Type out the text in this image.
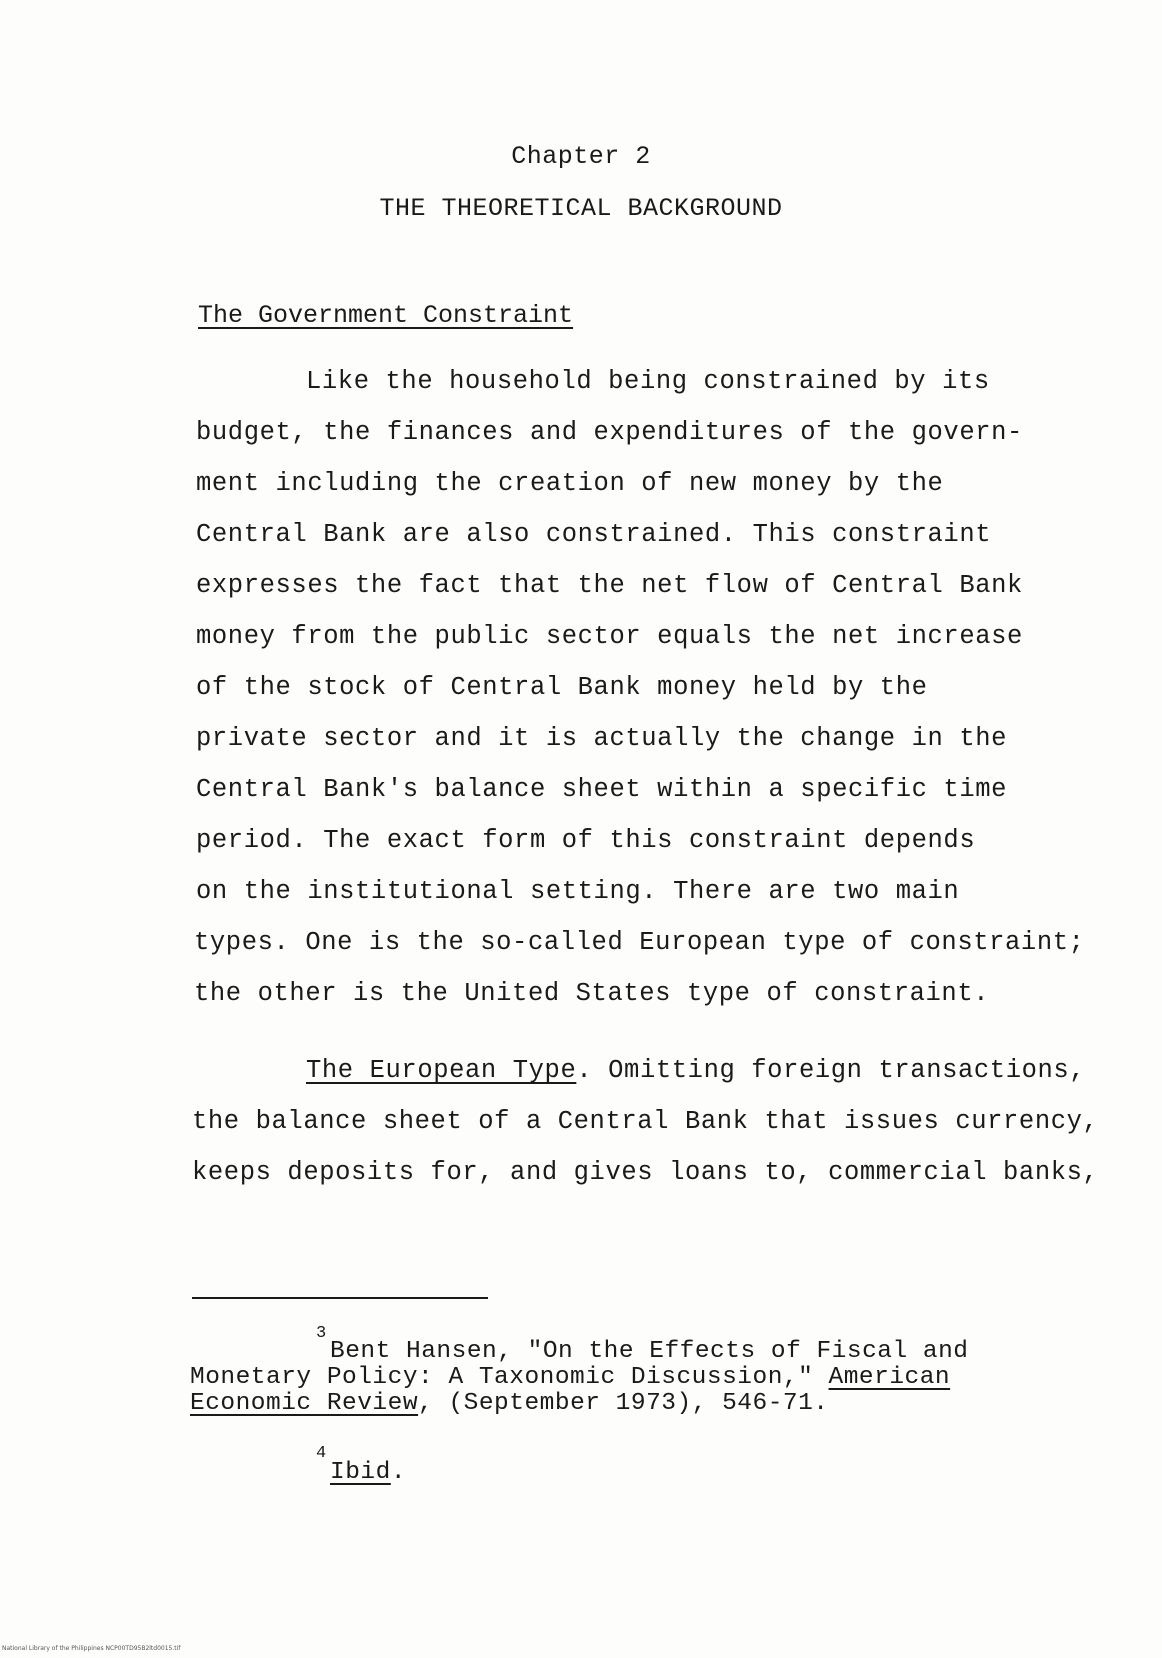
Chapter 2
THE THEORETICAL BACKGROUND
The Government Constraint
Like the household being constrained by its
budget, the finances and expenditures of the govern-
ment including the creation of new money by the
Central Bank are also constrained. This constraint
expresses the fact that the net flow of Central Bank
money from the public sector equals the net increase
of the stock of Central Bank money held by the
private sector and it is actually the change in the
Central Bank's balance sheet within a specific time
period. The exact form of this constraint depends
on the institutional setting. There are two main
types. One is the so-called European type of constraint;
the other is the United States type of constraint.
The European Type. Omitting foreign transactions,
the balance sheet of a Central Bank that issues currency,
keeps deposits for, and gives loans to, commercial banks,
3
Bent Hansen, "On the Effects of Fiscal and
Monetary Policy: A Taxonomic Discussion," American
Economic Review, (September 1973), 546-71.
4
Ibid.
National Library of the Philippines NCP00TD95B2ltd0015.tif
